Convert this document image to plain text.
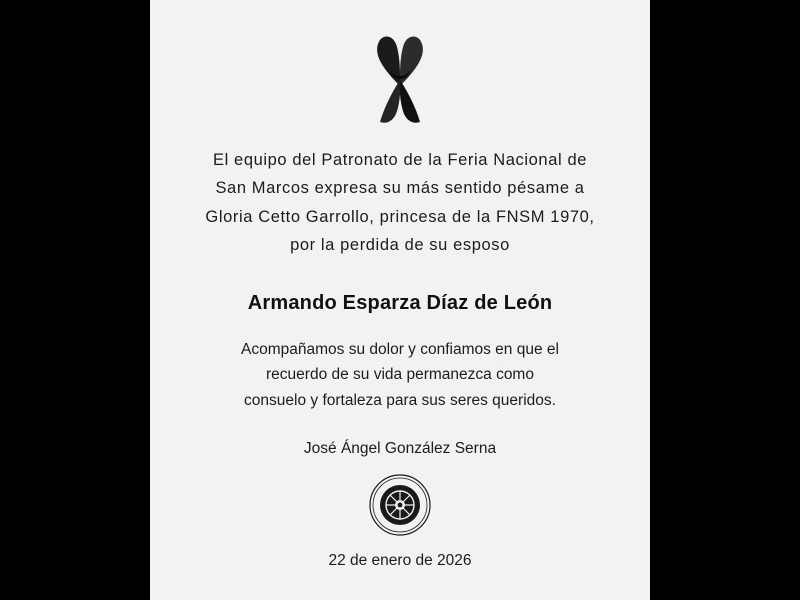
El equipo del Patronato de la Feria Nacional de San Marcos expresa su más sentido pésame a Gloria Cetto Garrollo, princesa de la FNSM 1970, por la perdida de su esposo

Armando Esparza Díaz de León

Acompañamos su dolor y confiamos en que el recuerdo de su vida permanezca como consuelo y fortaleza para sus seres queridos.

José Ángel González Serna

22 de enero de 2026
